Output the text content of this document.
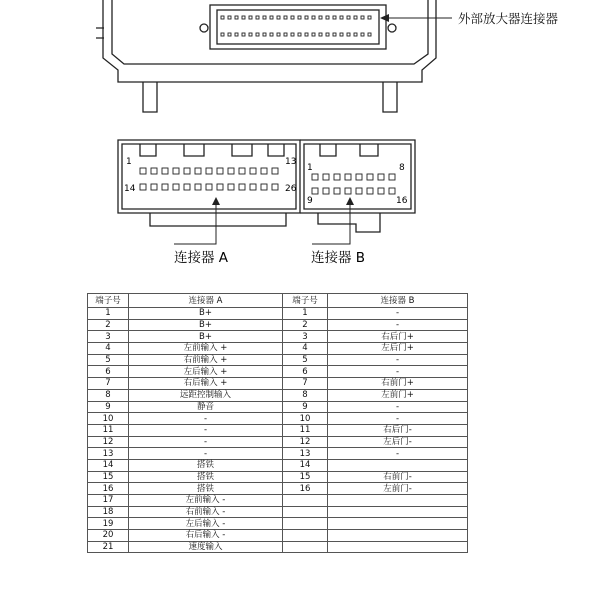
外部放大器连接器
1	13
14	26
1	8
9	16
连接器 A	连接器 B
端子号	连接器 A	端子号	连接器 B
1	B+	1	-
2	B+	2	-
3	B+	3	右后门+
4	左前输入 +	4	左后门+
5	右前输入 +	5	-
6	左后输入 +	6	-
7	右后输入 +	7	右前门+
8	远距控制输入	8	左前门+
9	静音	9	-
10	-	10	-
11	-	11	右后门-
12	-	12	左后门-
13	-	13	-
14	搭铁	14	
15	搭铁	15	右前门-
16	搭铁	16	左前门-
17	左前输入 -		
18	右前输入 -		
19	左后输入 -		
20	右后输入 -		
21	速度输入		
